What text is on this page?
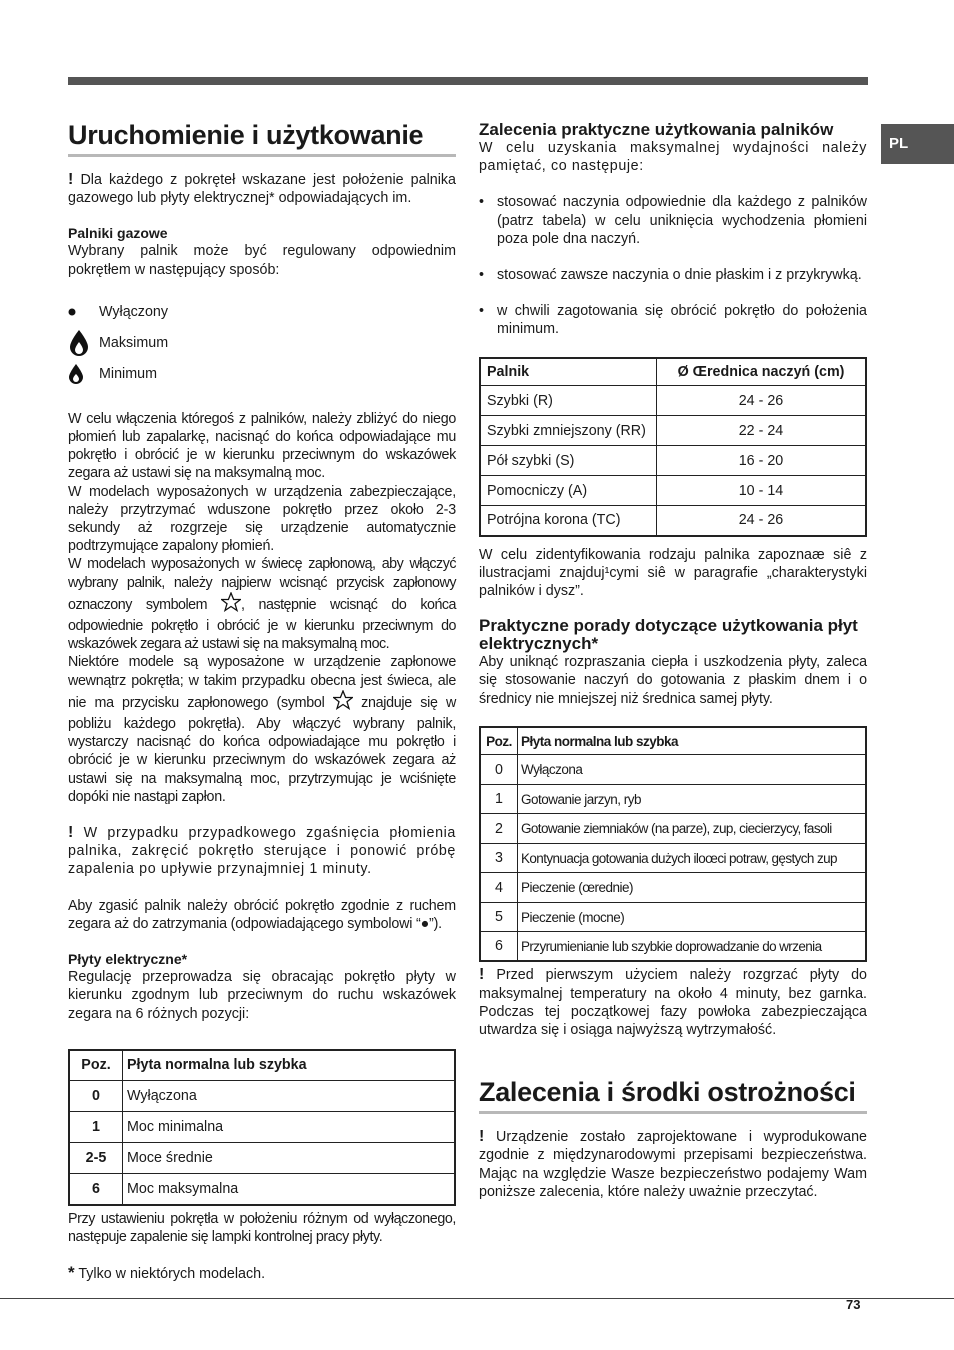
PL
Uruchomienie i użytkowanie

! Dla każdego z pokręteł wskazane jest położenie palnika gazowego lub płyty elektrycznej* odpowiadających im.

Palniki gazowe

Wybrany palnik może być regulowany odpowiednim pokrętłem w następujący sposób:

Wyłączony
Maksimum
Minimum

W celu włączenia któregoś z palników, należy zbliżyć do niego płomień lub zapalarkę, nacisnąć do końca odpowiadające mu pokrętło i obrócić je w kierunku przeciwnym do wskazówek zegara aż ustawi się na maksymalną moc.

W modelach wyposażonych w urządzenia zabezpieczające, należy przytrzymać wduszone pokrętło przez około 2-3 sekundy aż rozgrzeje się urządzenie automatycznie podtrzymujące zapalony płomień.

W modelach wyposażonych w świecę zapłonową, aby włączyć wybrany palnik, należy najpierw wcisnąć przycisk zapłonowy oznaczony symbolem , następnie wcisnąć do końca odpowiednie pokrętło i obrócić je w kierunku przeciwnym do wskazówek zegara aż ustawi się na maksymalną moc.

Niektóre modele są wyposażone w urządzenie zapłonowe wewnątrz pokrętła; w takim przypadku obecna jest świeca, ale nie ma przycisku zapłonowego (symbol	znajduje się w pobliżu każdego pokrętła). Aby włączyć wybrany palnik, wystarczy nacisnąć do końca odpowiadające mu pokrętło i obrócić je w kierunku przeciwnym do wskazówek zegara aż ustawi się na maksymalną moc, przytrzymując je wciśnięte dopóki nie nastąpi zapłon.

! W przypadku przypadkowego zgaśnięcia płomienia palnika, zakręcić pokrętło sterujące i ponowić próbę zapalenia po upływie przynajmniej 1 minuty.

Aby zgasić palnik należy obrócić pokrętło zgodnie z ruchem zegara aż do zatrzymania (odpowiadającego symbolowi “●”).

Płyty elektryczne*

Regulację przeprowadza się obracając pokrętło płyty w kierunku zgodnym lub przeciwnym do ruchu wskazówek zegara na 6 różnych pozycji:

Poz.	Płyta normalna lub szybka
0	Wyłączona
1	Moc minimalna
2-5	Moce średnie
6	Moc maksymalna

Przy ustawieniu pokrętła w położeniu różnym od wyłączonego, następuje zapalenie się lampki kontrolnej pracy płyty.

* Tylko w niektórych modelach.

Zalecenia praktyczne użytkowania palników

W celu uzyskania maksymalnej wydajności należy pamiętać, co następuje:

• stosować naczynia odpowiednie dla każdego z palników (patrz tabela) w celu uniknięcia wychodzenia płomieni poza pole dna naczyń.
• stosować zawsze naczynia o dnie płaskim i z przykrywką.
• w chwili zagotowania się obrócić pokrętło do położenia minimum.
Palnik	Ø Œrednica naczyń (cm)
Szybki (R)	24 - 26
Szybki zmniejszony (RR)	22 - 24
Pół szybki (S)	16 - 20
Pomocniczy (A)	10 - 14
Potrójna korona (TC)	24 - 26

W celu zidentyfikowania rodzaju palnika zapoznaæ siê z ilustracjami znajduj¹cymi siê w paragrafie „charakterystyki palników i dysz”.

Praktyczne porady dotyczące użytkowania płyt elektrycznych*

Aby uniknąć rozpraszania ciepła i uszkodzenia płyty, zaleca się stosowanie naczyń do gotowania z płaskim dnem i o średnicy nie mniejszej niż średnica samej płyty.

Poz.	Płyta normalna lub szybka
0	Wyłączona
1	Gotowanie jarzyn, ryb
2	Gotowanie ziemniaków (na parze), zup, ciecierzycy, fasoli
3	Kontynuacja gotowania dużych iloœci potraw, gęstych zup
4	Pieczenie (œrednie)
5	Pieczenie (mocne)
6	Przyrumienianie lub szybkie doprowadzanie do wrzenia

! Przed pierwszym użyciem należy rozgrzać płyty do maksymalnej temperatury na około 4 minuty, bez garnka. Podczas tej początkowej fazy powłoka zabezpieczająca utwardza się i osiąga najwyższą wytrzymałość.

Zalecenia i środki ostrożności

! Urządzenie zostało zaprojektowane i wyprodukowane zgodnie z międzynarodowymi przepisami bezpieczeństwa. Mając na względzie Wasze bezpieczeństwo podajemy Wam poniższe zalecenia, które należy uważnie przeczytać.

73
